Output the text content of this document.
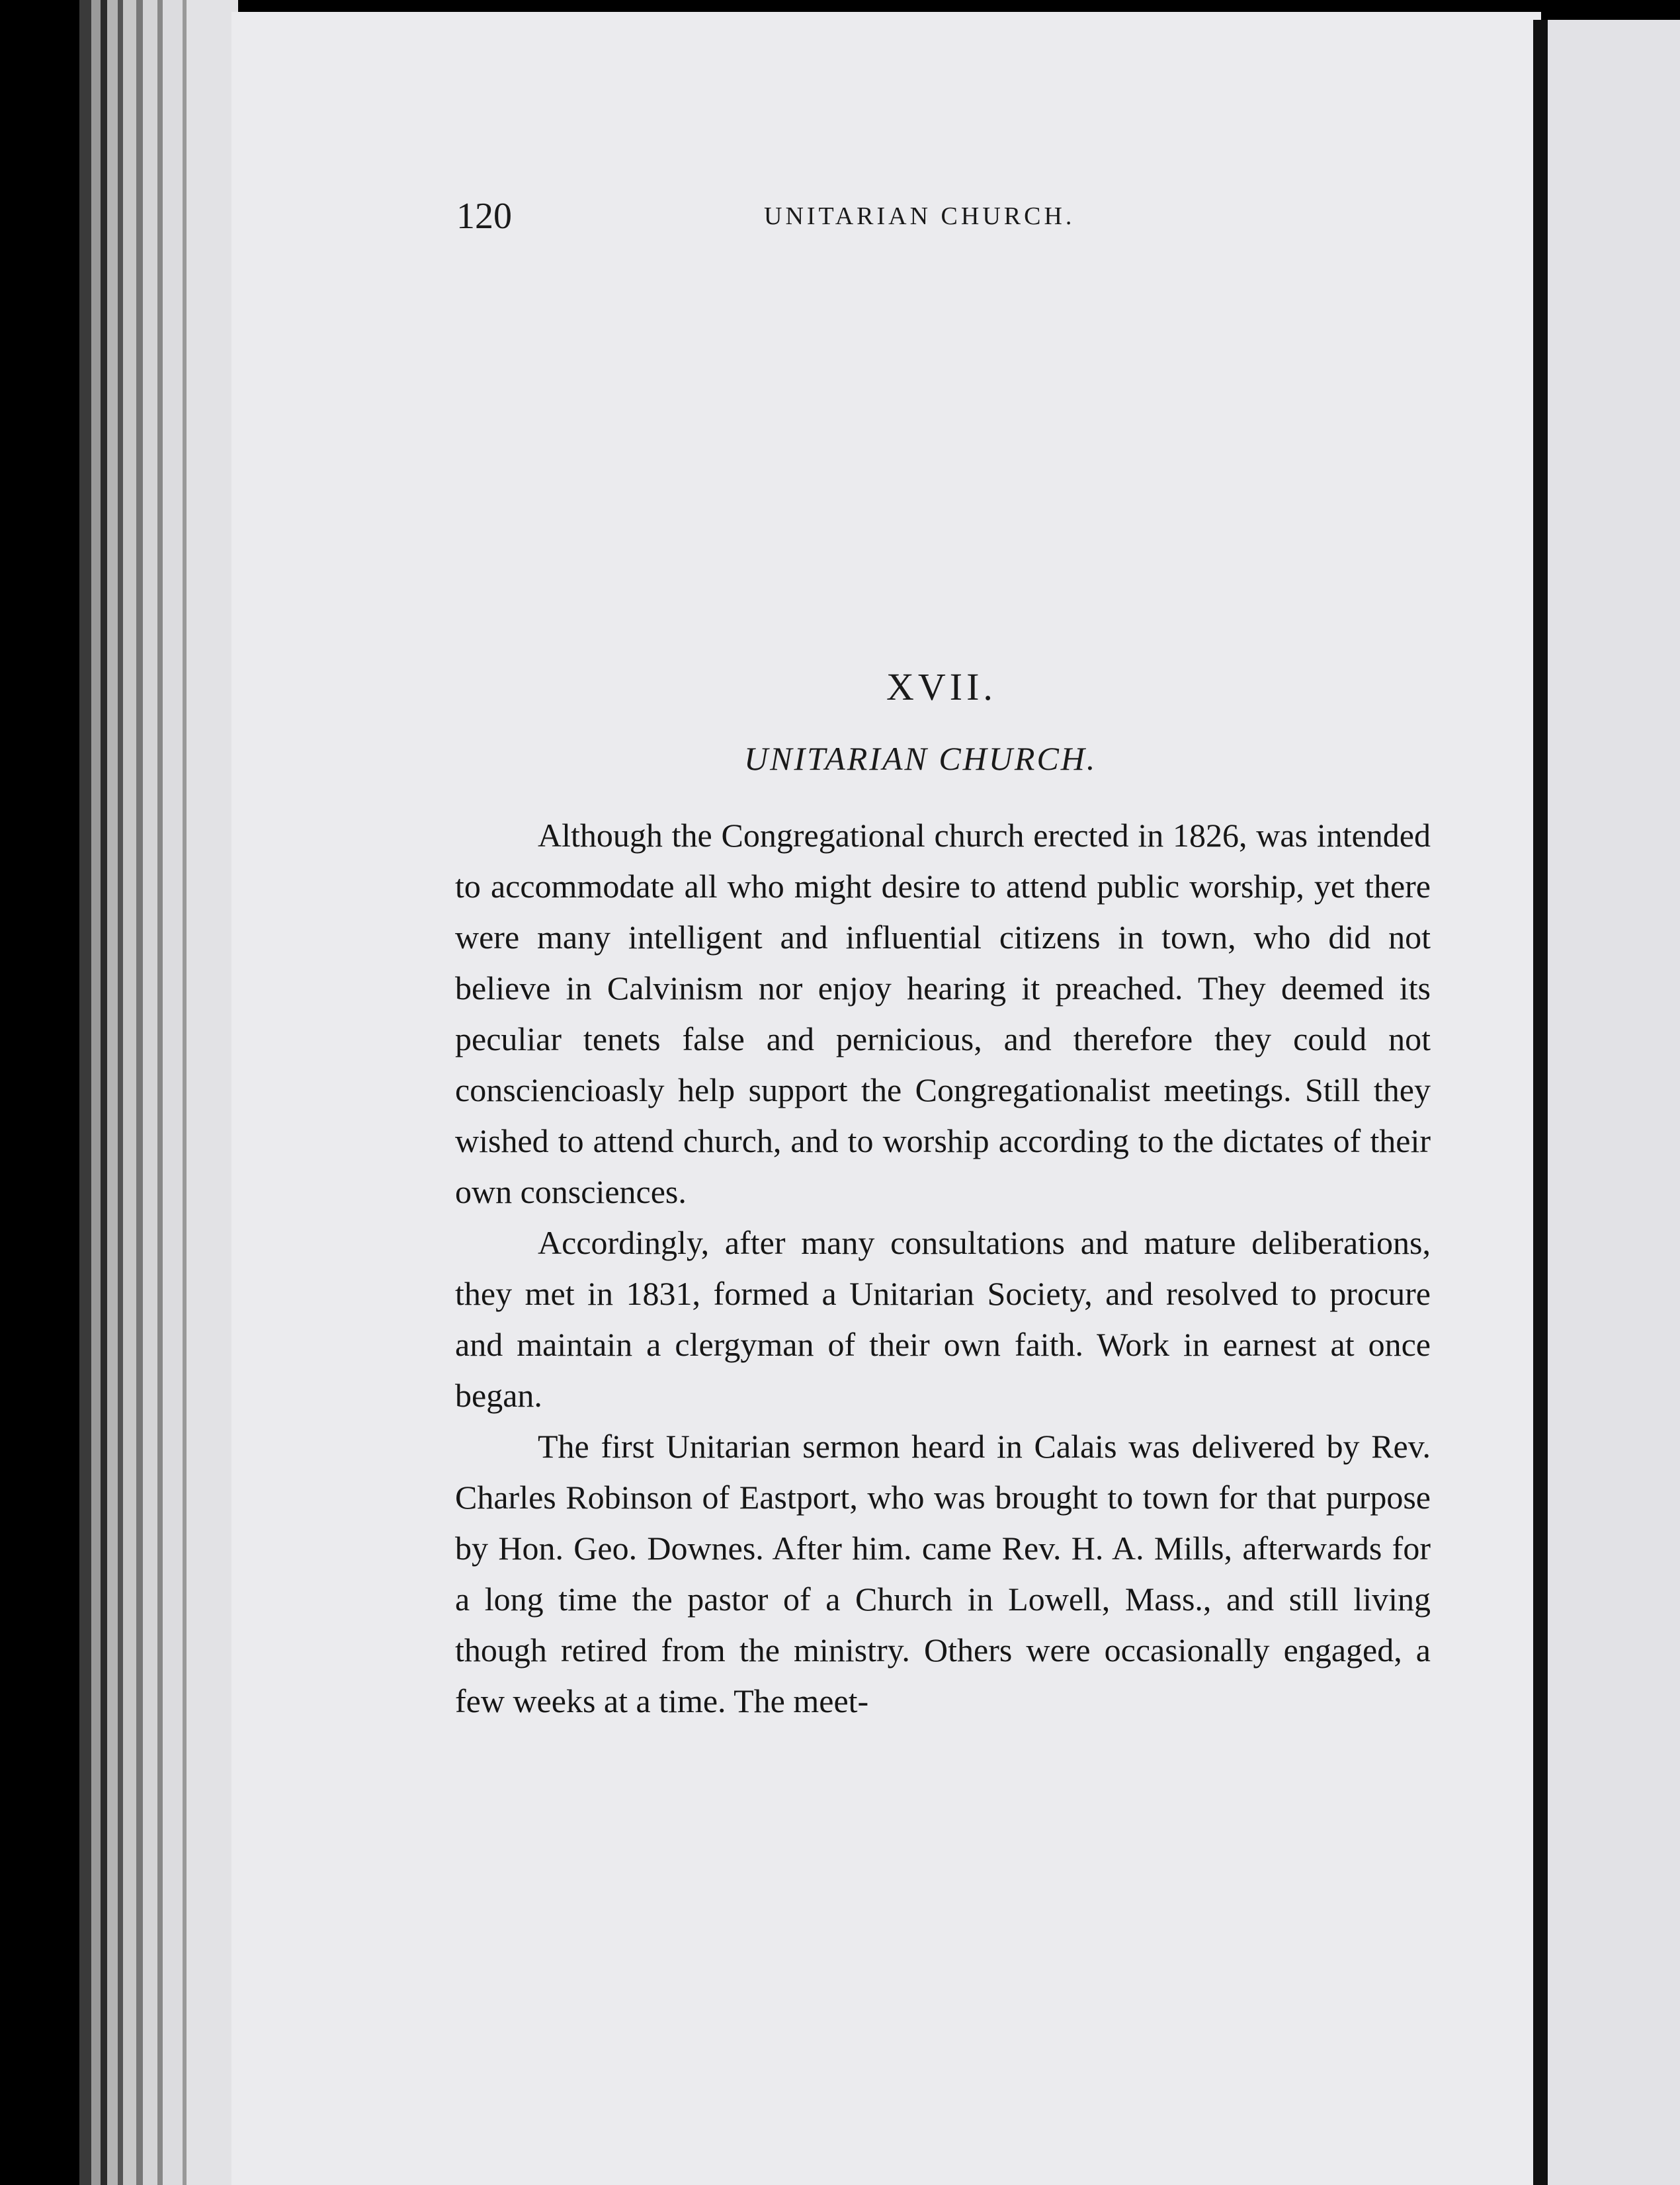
120	UNITARIAN CHURCH.
XVII.
UNITARIAN CHURCH.

Although the Congregational church erected in 1826, was intended to accommodate all who might desire to attend public worship, yet there were many intelligent and influential citizens in town, who did not believe in Calvinism nor enjoy hearing it preached. They deemed its peculiar tenets false and pernicious, and therefore they could not consciencioasly help support the Congregationalist meetings. Still they wished to attend church, and to worship according to the dictates of their own consciences.

Accordingly, after many consultations and mature deliberations, they met in 1831, formed a Unitarian Society, and resolved to procure and maintain a clergyman of their own faith. Work in earnest at once began.

The first Unitarian sermon heard in Calais was delivered by Rev. Charles Robinson of Eastport, who was brought to town for that purpose by Hon. Geo. Downes. After him. came Rev. H. A. Mills, afterwards for a long time the pastor of a Church in Lowell, Mass., and still living though retired from the ministry. Others were occasionally engaged, a few weeks at a time. The meet-
